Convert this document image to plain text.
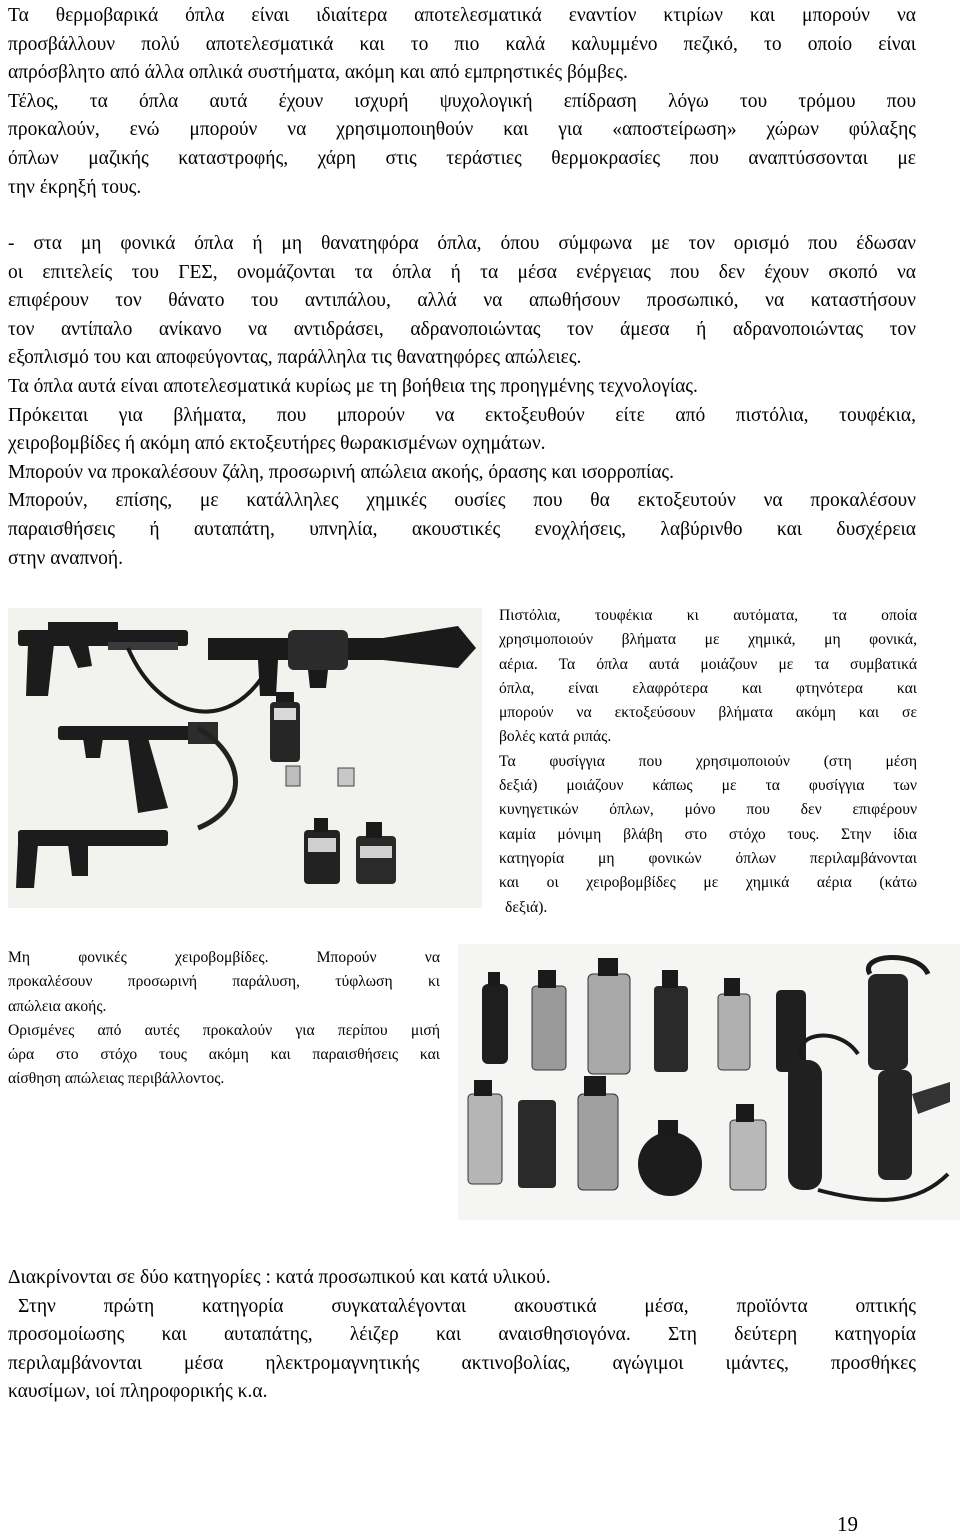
Τα θερμοβαρικά όπλα είναι ιδιαίτερα αποτελεσματικά εναντίον κτιρίων και μπορούν να
προσβάλλουν πολύ αποτελεσματικά και το πιο καλά καλυμμένο πεζικό, το οποίο είναι
απρόσβλητο από άλλα οπλικά συστήματα, ακόμη και από εμπρηστικές βόμβες.
Τέλος, τα όπλα αυτά έχουν ισχυρή ψυχολογική επίδραση λόγω του τρόμου που
προκαλούν, ενώ μπορούν να χρησιμοποιηθούν και για «αποστείρωση» χώρων φύλαξης
όπλων μαζικής καταστροφής, χάρη στις τεράστιες θερμοκρασίες που αναπτύσσονται με
την έκρηξή τους.
- στα μη φονικά όπλα ή μη θανατηφόρα όπλα, όπου σύμφωνα με τον ορισμό που έδωσαν
οι επιτελείς του ΓΕΣ, ονομάζονται τα όπλα ή τα μέσα ενέργειας που δεν έχουν σκοπό να
επιφέρουν τον θάνατο του αντιπάλου, αλλά να απωθήσουν προσωπικό, να καταστήσουν
τον αντίπαλο ανίκανο να αντιδράσει, αδρανοποιώντας τον άμεσα ή αδρανοποιώντας τον
εξοπλισμό του και αποφεύγοντας, παράλληλα τις θανατηφόρες απώλειες.
Τα όπλα αυτά είναι αποτελεσματικά κυρίως με τη βοήθεια της προηγμένης τεχνολογίας.
Πρόκειται για βλήματα, που μπορούν να εκτοξευθούν είτε από πιστόλια, τουφέκια,
χειροβομβίδες ή ακόμη από εκτοξευτήρες θωρακισμένων οχημάτων.
Μπορούν να προκαλέσουν ζάλη, προσωρινή απώλεια ακοής, όρασης και ισορροπίας.
Μπορούν, επίσης, με κατάλληλες χημικές ουσίες που θα εκτοξευτούν να προκαλέσουν
παραισθήσεις ή αυταπάτη, υπνηλία, ακουστικές ενοχλήσεις, λαβύρινθο και δυσχέρεια
στην αναπνοή.
Πιστόλια, τουφέκια κι αυτόματα, τα οποία
χρησιμοποιούν βλήματα με χημικά, μη φονικά,
αέρια. Τα όπλα αυτά μοιάζουν με τα συμβατικά
όπλα, είναι ελαφρότερα και φτηνότερα και
μπορούν να εκτοξεύσουν βλήματα ακόμη και σε
βολές κατά ριπάς.
Τα φυσίγγια που χρησιμοποιούν (στη μέση
δεξιά) μοιάζουν κάπως με τα φυσίγγια των
κυνηγετικών όπλων, μόνο που δεν επιφέρουν
καμία μόνιμη βλάβη στο στόχο τους. Στην ίδια
κατηγορία μη φονικών όπλων περιλαμβάνονται
και οι χειροβομβίδες με χημικά αέρια (κάτω
δεξιά).
Μη φονικές χειροβομβίδες. Μπορούν να
προκαλέσουν προσωρινή παράλυση, τύφλωση κι
απώλεια ακοής.
Ορισμένες από αυτές προκαλούν για περίπου μισή
ώρα στο στόχο τους ακόμη και παραισθήσεις και
αίσθηση απώλειας περιβάλλοντος.
Διακρίνονται σε δύο κατηγορίες : κατά προσωπικού και κατά υλικού.
Στην πρώτη κατηγορία συγκαταλέγονται ακουστικά μέσα, προϊόντα οπτικής
προσομοίωσης και αυταπάτης, λέιζερ και αναισθησιογόνα. Στη δεύτερη κατηγορία
περιλαμβάνονται μέσα ηλεκτρομαγνητικής ακτινοβολίας, αγώγιμοι ιμάντες, προσθήκες
καυσίμων, ιοί πληροφορικής κ.α.
19
